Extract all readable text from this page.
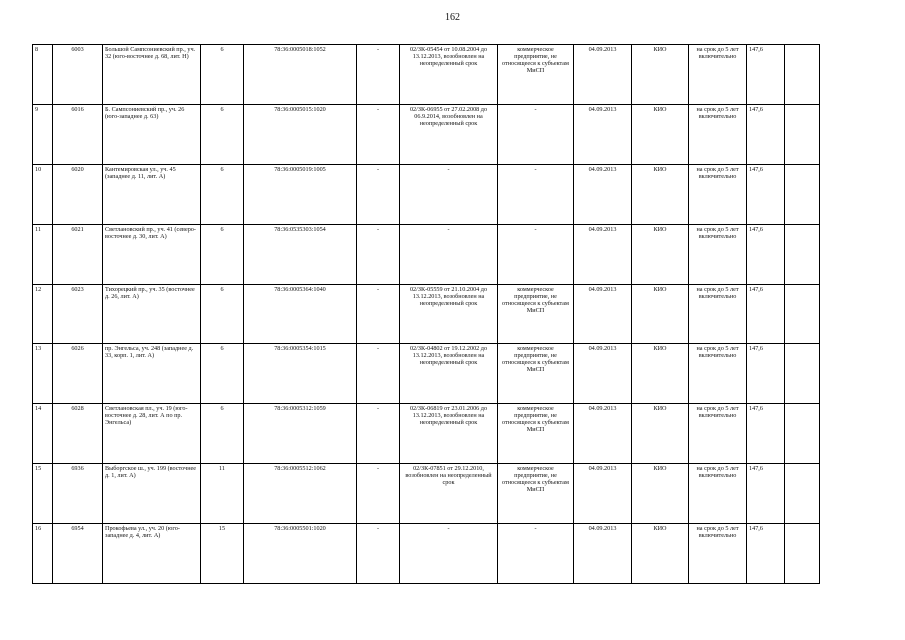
162
8	6003	Большой Сампсониевский пр., уч. 32 (юго-восточнее д. 68, лит. Н)	6	78:36:0005018:1052	-	02/ЗК-05454 от 10.08.2004 до 13.12.2013, возобновлен на неопределенный срок	коммерческое предприятие, не относящееся к субъектам МиСП	04.09.2013	КИО	на срок до 5 лет включительно	147,6	
9	6016	Б. Сампсониевский пр., уч. 26 (юго-западнее д. 63)	6	78:36:0005015:1020	-	02/ЗК-06955 от 27.02.2008 до 06.9.2014, возобновлен на неопределенный срок	-	04.09.2013	КИО	на срок до 5 лет включительно	147,6	
10	6020	Кантемировская ул., уч. 45 (западнее д. 11, лит. А)	6	78:36:0005019:1005	-	-	-	04.09.2013	КИО	на срок до 5 лет включительно	147,6	
11	6021	Светлановский пр., уч. 41 (северо-восточнее д. 30, лит. А)	6	78:36:0535303:1054	-	-	-	04.09.2013	КИО	на срок до 5 лет включительно	147,6	
12	6023	Тихорецкий пр., уч. 35 (восточнее д. 26, лит. А)	6	78:36:0005364:1040	-	02/ЗК-05559 от 21.10.2004 до 13.12.2013, возобновлен на неопределенный срок	коммерческое предприятие, не относящееся к субъектам МиСП	04.09.2013	КИО	на срок до 5 лет включительно	147,6	
13	6026	пр. Энгельса, уч. 248 (западнее д. 33, корп. 1, лит. А)	6	78:36:0005354:1015	-	02/ЗК-04802 от 19.12.2002 до 13.12.2013, возобновлен на неопределенный срок	коммерческое предприятие, не относящееся к субъектам МиСП	04.09.2013	КИО	на срок до 5 лет включительно	147,6	
14	6028	Светлановская пл., уч. 19 (юго-восточнее д. 28, лит. А по пр. Энгельса)	6	78:36:0005312:1059	-	02/ЗК-06819 от 23.01.2006 до 13.12.2013, возобновлен на неопределенный срок	коммерческое предприятие, не относящееся к субъектам МиСП	04.09.2013	КИО	на срок до 5 лет включительно	147,6	
15	6936	Выборгское ш., уч. 199 (восточнее д. 1, лит. А)	11	78:36:0005512:1062	-	02/ЗК-07851 от 29.12.2010, возобновлен на неопределенный срок	коммерческое предприятие, не относящееся к субъектам МиСП	04.09.2013	КИО	на срок до 5 лет включительно	147,6	
16	6954	Прокофьева ул., уч. 20 (юго-западнее д. 4, лит. А)	15	78:36:0005501:1020	-	-	-	04.09.2013	КИО	на срок до 5 лет включительно	147,6	
